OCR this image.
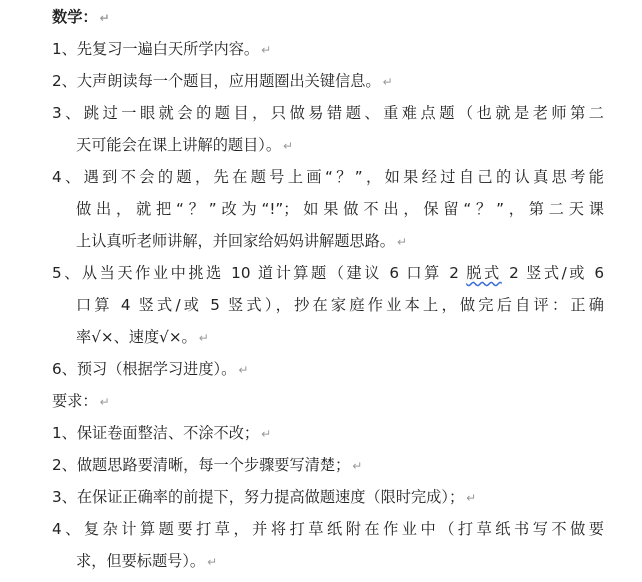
数学： ↵
1、先复习一遍白天所学内容。 ↵
2、大声朗读每一个题目，应用题圈出关键信息。 ↵
3、跳过一眼就会的题目，只做易错题、重难点题（也就是老师第二
天可能会在课上讲解的题目）。 ↵
4、遇到不会的题，先在题号上画“？”，如果经过自己的认真思考能
做出，就把“？”改为“!”；如果做不出，保留“？”，第二天课
上认真听老师讲解，并回家给妈妈讲解题思路。 ↵
5、从当天作业中挑选 10 道计算题（建议 6 口算 2 脱式 2 竖式/或 6
口算 4 竖式/或 5 竖式），抄在家庭作业本上，做完后自评：正确
率√×、速度√×。 ↵
6、预习（根据学习进度）。 ↵
要求： ↵
1、保证卷面整洁、不涂不改； ↵
2、做题思路要清晰，每一个步骤要写清楚； ↵
3、在保证正确率的前提下，努力提高做题速度（限时完成）； ↵
4、复杂计算题要打草，并将打草纸附在作业中（打草纸书写不做要
求，但要标题号）。 ↵
